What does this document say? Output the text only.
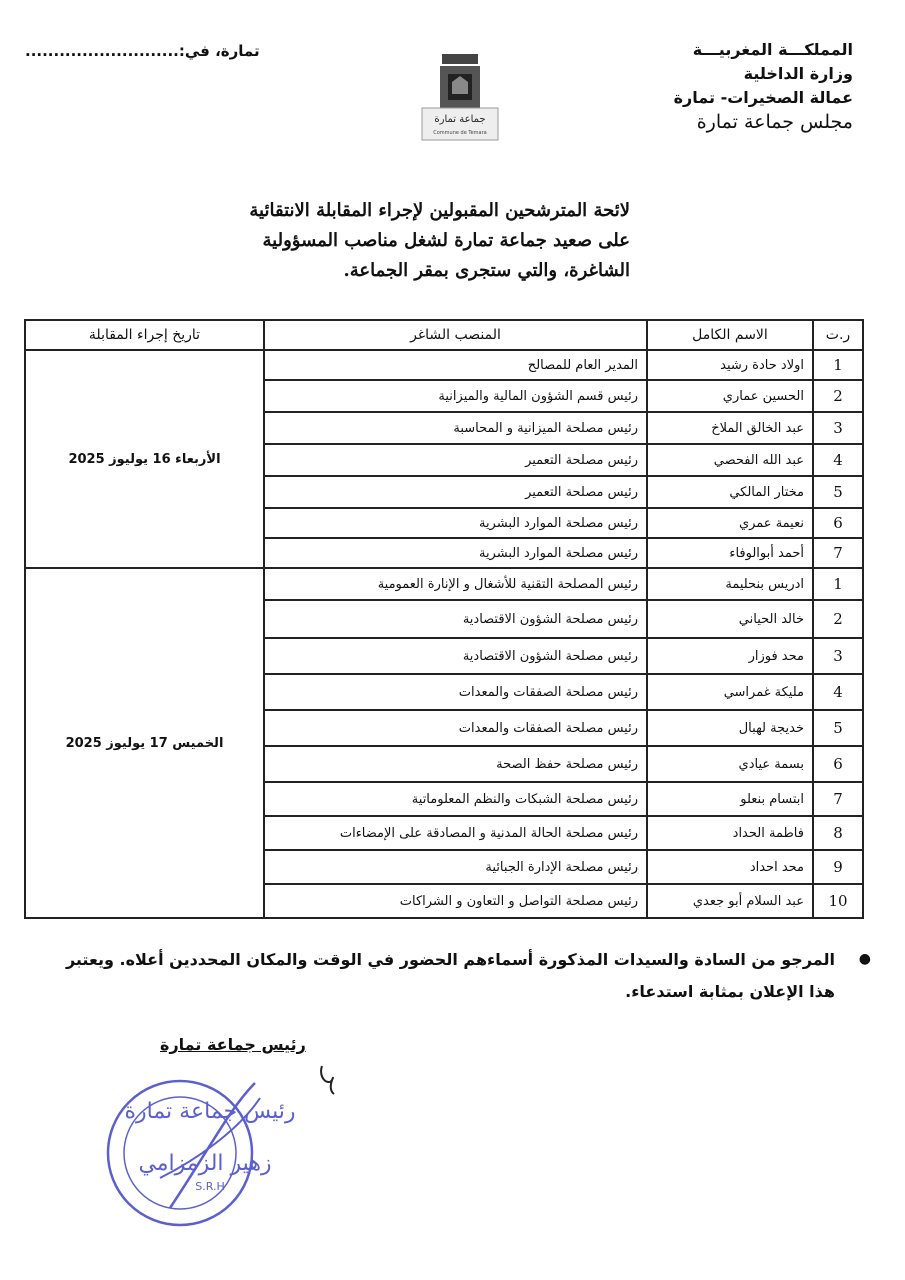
المملكـــة المغربيـــة
وزارة الداخلية
عمالة الصخيرات- تمارة
مجلس جماعة تمارة
تمارة، في:...........................
جماعة تمارة
Commune de Temara
لائحة المترشحين المقبولين لإجراء المقابلة الانتقائية
على صعيد جماعة تمارة لشغل مناصب المسؤولية
الشاغرة، والتي ستجرى بمقر الجماعة.
ر.ت	الاسم الكامل	المنصب الشاغر	تاريخ إجراء المقابلة
1	اولاد حادة رشيد	المدير العام للمصالح	الأربعاء 16 يوليوز 2025
2	الحسين عماري	رئيس قسم الشؤون المالية والميزانية	
3	عبد الخالق الملاخ	رئيس مصلحة الميزانية و المحاسبة	
4	عبد الله الفحصي	رئيس مصلحة التعمير	
5	مختار المالكي	رئيس مصلحة التعمير	
6	نعيمة عمري	رئيس مصلحة الموارد البشرية	
7	أحمد أبوالوفاء	رئيس مصلحة الموارد البشرية	
1	ادريس بنحليمة	رئيس المصلحة التقنية للأشغال و الإنارة العمومية	الخميس 17 يوليوز 2025
2	خالد الحياني	رئيس مصلحة الشؤون الاقتصادية	
3	محد فوزار	رئيس مصلحة الشؤون الاقتصادية	
4	مليكة غمراسي	رئيس مصلحة الصفقات والمعدات	
5	خديجة لهبال	رئيس مصلحة الصفقات والمعدات	
6	بسمة عيادي	رئيس مصلحة حفظ الصحة	
7	ابتسام بنعلو	رئيس مصلحة الشبكات والنظم المعلوماتية	
8	فاطمة الحداد	رئيس مصلحة الحالة المدنية و المصادقة على الإمضاءات	
9	محد احداد	رئيس مصلحة الإدارة الجبائية	
10	عبد السلام أبو جعدي	رئيس مصلحة التواصل و التعاون و الشراكات	
●
المرجو من السادة والسيدات المذكورة أسماءهم الحضور في الوقت والمكان المحددين أعلاه. ويعتبر هذا الإعلان بمثابة استدعاء.
رئيس جماعة تمارة
رئيس جماعة تمارة
زهير الزمزامي
S.R.H
